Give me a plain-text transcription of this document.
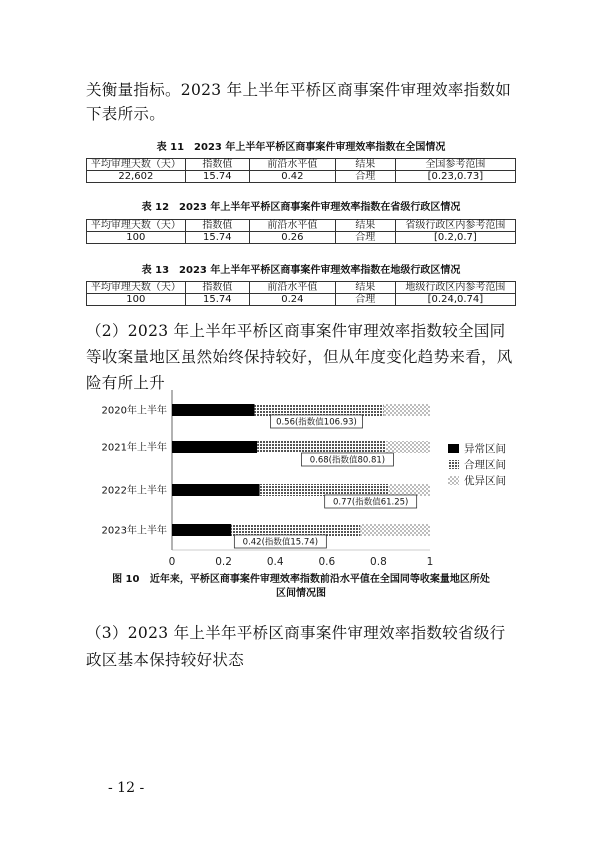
关衡量指标。2023 年上半年平桥区商事案件审理效率指数如下表所示。
表 11 2023 年上半年平桥区商事案件审理效率指数在全国情况
平均审理天数（天）	指数值	前沿水平值	结果	全国参考范围
22,602	15.74	0.42	合理	[0.23,0.73]
表 12 2023 年上半年平桥区商事案件审理效率指数在省级行政区情况
平均审理天数（天）	指数值	前沿水平值	结果	省级行政区内参考范围
100	15.74	0.26	合理	[0.2,0.7]
表 13 2023 年上半年平桥区商事案件审理效率指数在地级行政区情况
平均审理天数（天）	指数值	前沿水平值	结果	地级行政区内参考范围
100	15.74	0.24	合理	[0.24,0.74]
（2）2023 年上半年平桥区商事案件审理效率指数较全国同等收案量地区虽然始终保持较好，但从年度变化趋势来看，风险有所上升
0	0.2	0.4	0.6	0.8	1
2020年上半年
2021年上半年
2022年上半年
2023年上半年
0.56(指数值106.93)
0.68(指数值80.81)
0.77(指数值61.25)
0.42(指数值15.74)
异常区间
合理区间
优异区间
图 10 近年来，平桥区商事案件审理效率指数前沿水平值在全国同等收案量地区所处
区间情况图
（3）2023 年上半年平桥区商事案件审理效率指数较省级行政区基本保持较好状态
- 12 -
